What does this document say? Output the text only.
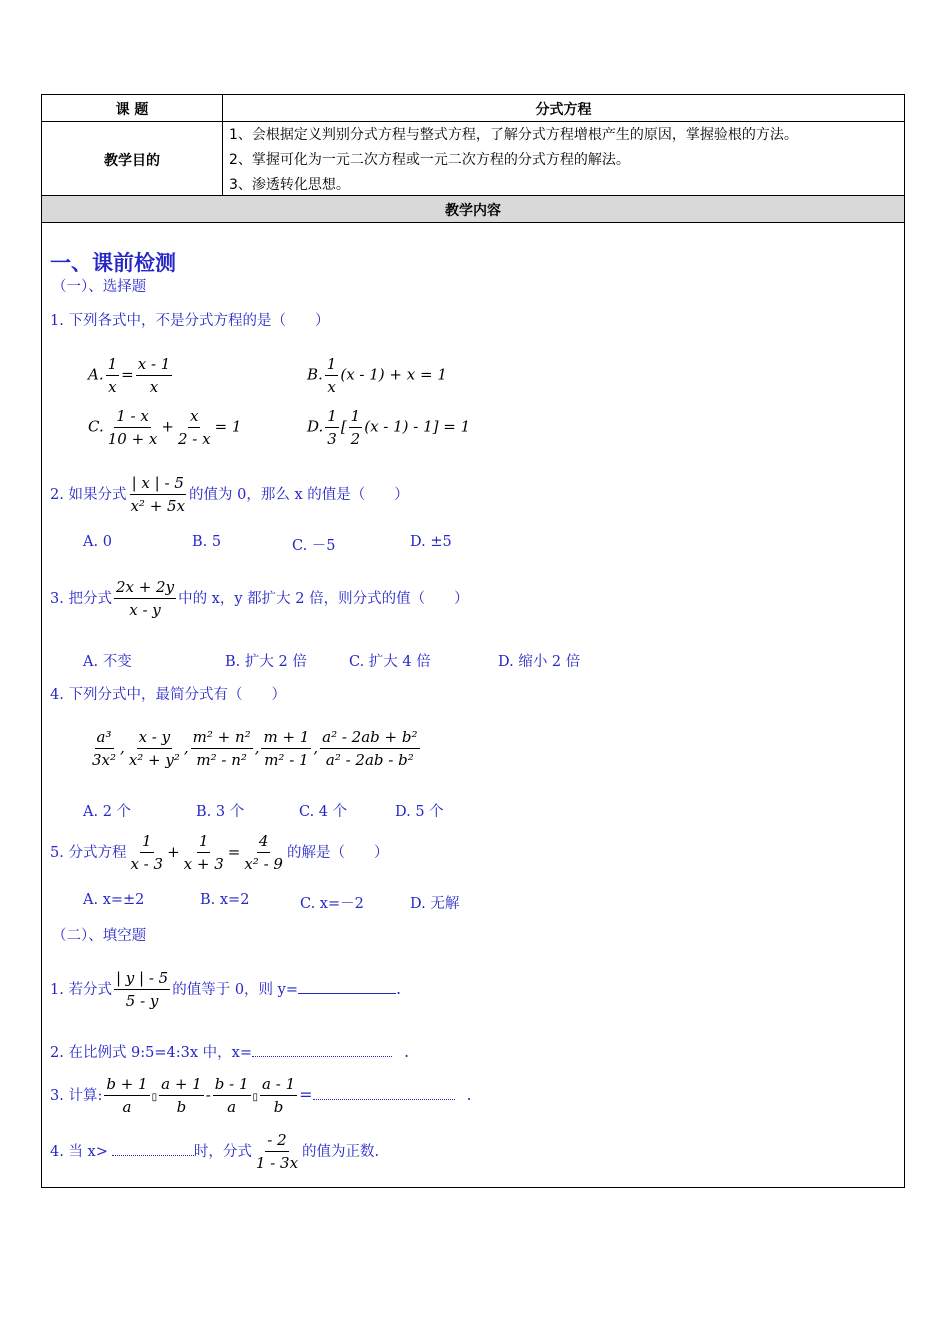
课 题	分式方程
教学目的
1、会根据定义判别分式方程与整式方程，了解分式方程增根产生的原因，掌握验根的方法。
2、掌握可化为一元二次方程或一元二次方程的分式方程的解法。
3、渗透转化思想。
教学内容
一、课前检测
（一）、选择题
1. 下列各式中，不是分式方程的是（　　）
A. $\frac{1}{x} = \frac{x - 1}{x}$	B. $\frac{1}{x} (x - 1) + x = 1$
C. $\frac{1 - x}{10 + x} + \frac{x}{2 - x} = 1$	D. $\frac{1}{3}$ [ $\frac{1}{2} (x - 1) - 1] = 1$
2. 如果分式 $\frac{| x | - 5}{\text{x² + 5x}}$ 的值为 0，那么 x 的值是（　　）
A. 0	B. 5	C. －5	D. ±5
3. 把分式 $\frac{2x + 2y}{x - y}$ 中的 x，y 都扩大 2 倍，则分式的值（　　）
A. 不变	B. 扩大 2 倍	C. 扩大 4 倍	D. 缩小 2 倍
4. 下列分式中，最简分式有（　　）
$\frac{\text{a³}}{\text{3x²}}$ , $\frac{x - y}{\text{x² + y²}}$ , $\frac{\text{m² + n²}}{\text{m² - n²}}$ , $\frac{m + 1}{\text{m² - 1}}$ , $\frac{\text{a² - 2ab + b²}}{\text{a² - 2ab - b²}}$
A. 2 个	B. 3 个	C. 4 个	D. 5 个
5. 分式方程 $\frac{1}{x - 3} + \frac{1}{x + 3} = \frac{4}{\text{x² - 9}}$ 的解是（　　）
A. x=±2	B. x=2	C. x=－2	D. 无解
（二）、填空题
1. 若分式 $\frac{| y | - 5}{5 - y}$ 的值等于 0，则 y=	.
2. 在比例式 9:5=4:3x 中，x=	.
3. 计算: $\frac{b + 1}{a}$ ▯ $\frac{a + 1}{b} - \frac{b - 1}{a}$ ▯ $\frac{a - 1}{b}$ =	.
4. 当 x>	时，分式 $\frac{- 2}{1 - 3x}$ 的值为正数.
